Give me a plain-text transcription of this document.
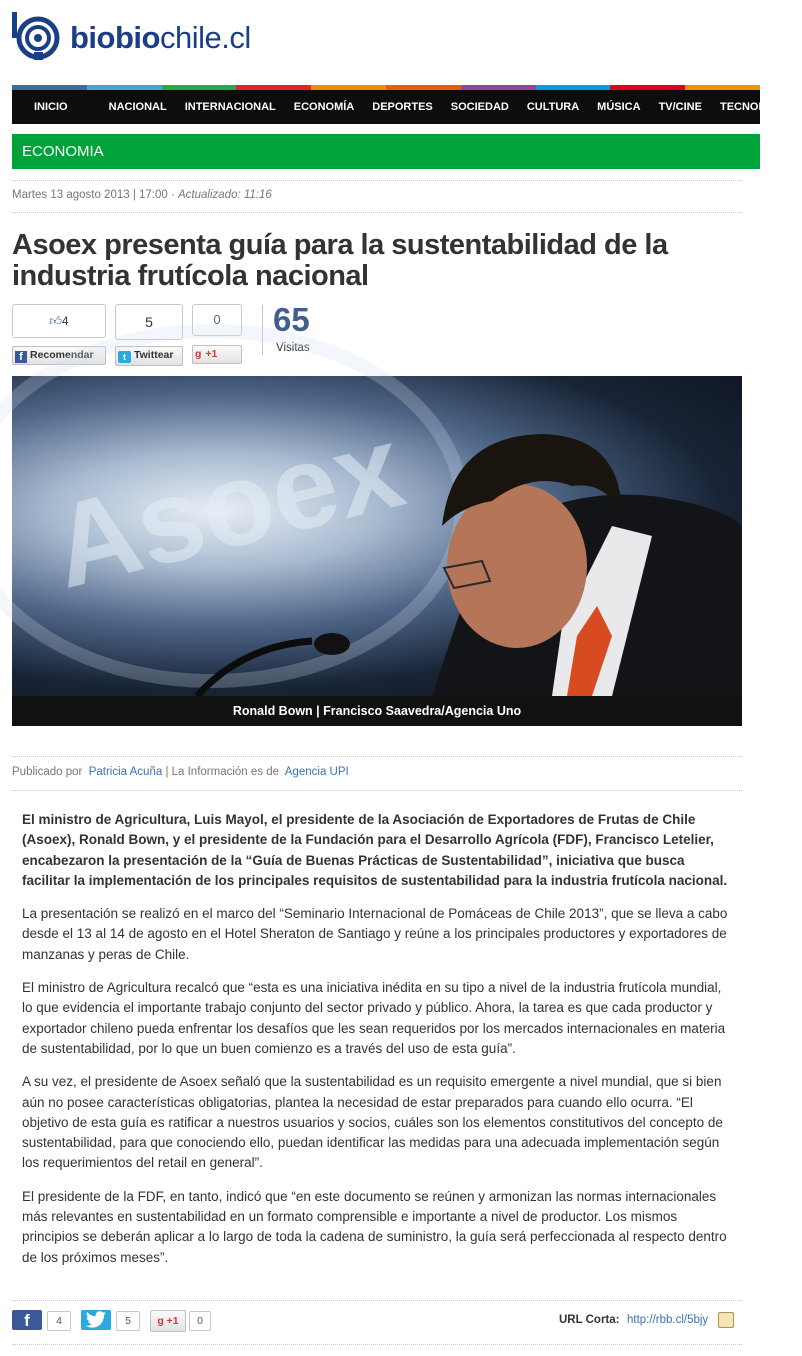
biobiochile.cl
INICIO	NACIONAL INTERNACIONAL ECONOMÍA DEPORTES SOCIEDAD CULTURA MÚSICA TV/CINE TECNOLOGÍA
ECONOMIA
Martes 13 agosto 2013 | 17:00 · Actualizado: 11:16
Asoex presenta guía para la sustentabilidad de la industria frutícola nacional
👍︎4
f Recomendar
5
t Twittear
0
g +1
65
Visitas
Asoex
Ronald Bown | Francisco Saavedra/Agencia Uno
Publicado por Patricia Acuña | La Información es de Agencia UPI

El ministro de Agricultura, Luis Mayol, el presidente de la Asociación de Exportadores de Frutas de Chile (Asoex), Ronald Bown, y el presidente de la Fundación para el Desarrollo Agrícola (FDF), Francisco Letelier, encabezaron la presentación de la “Guía de Buenas Prácticas de Sustentabilidad”, iniciativa que busca facilitar la implementación de los principales requisitos de sustentabilidad para la industria frutícola nacional.

La presentación se realizó en el marco del “Seminario Internacional de Pomáceas de Chile 2013”, que se lleva a cabo desde el 13 al 14 de agosto en el Hotel Sheraton de Santiago y reúne a los principales productores y exportadores de manzanas y peras de Chile.

El ministro de Agricultura recalcó que “esta es una iniciativa inédita en su tipo a nivel de la industria frutícola mundial, lo que evidencia el importante trabajo conjunto del sector privado y público. Ahora, la tarea es que cada productor y exportador chileno pueda enfrentar los desafíos que les sean requeridos por los mercados internacionales en materia de sustentabilidad, por lo que un buen comienzo es a través del uso de esta guía”.

A su vez, el presidente de Asoex señaló que la sustentabilidad es un requisito emergente a nivel mundial, que si bien aún no posee características obligatorias, plantea la necesidad de estar preparados para cuando ello ocurra. “El objetivo de esta guía es ratificar a nuestros usuarios y socios, cuáles son los elementos constitutivos del concepto de sustentabilidad, para que conociendo ello, puedan identificar las medidas para una adecuada implementación según los requerimientos del retail en general”.

El presidente de la FDF, en tanto, indicó que “en este documento se reúnen y armonizan las normas internacionales más relevantes en sustentabilidad en un formato comprensible e importante a nivel de productor. Los mismos principios se deberán aplicar a lo largo de toda la cadena de suministro, la guía será perfeccionada al respecto dentro de los próximos meses”.

f	4	5	g +1	0	URL Corta: http://rbb.cl/5bjy
